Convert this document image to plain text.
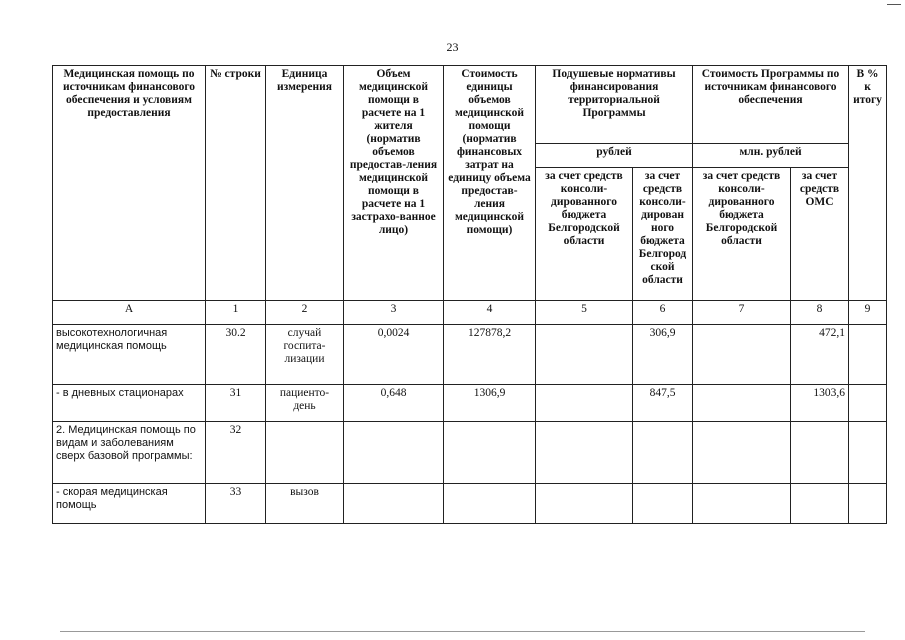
23
Медицинская помощь по источникам финансового обеспечения и условиям предоставления	№ строки	Единица измерения	Объем медицинской помощи в расчете на 1 жителя (норматив объемов предостав-ления медицинской помощи в расчете на 1 застрахо-ванное лицо)	Стоимость единицы объемов медицинской помощи (норматив финансовых затрат на единицу объема предостав-ления медицинской помощи)	Подушевые нормативы финансирования территориальной Программы		Стоимость Программы по источникам финансового обеспечения		В % к итогу
					рублей		млн. рублей		
					за счет средств консоли-дированного бюджета Белгородской области	за счет средств консоли-дирован ного бюджета Белгород ской области	за счет средств консоли-дированного бюджета Белгородской области	за счет средств ОМС	
А	1	2	3	4	5	6	7	8	9
высокотехнологичная медицинская помощь	30.2	случай госпита-лизации	0,0024	127878,2		306,9		472,1	
- в дневных стационарах	31	пациенто-день	0,648	1306,9		847,5		1303,6	
2. Медицинская помощь по видам и заболеваниям сверх базовой программы:	32								
- скорая медицинская помощь	33	вызов							
